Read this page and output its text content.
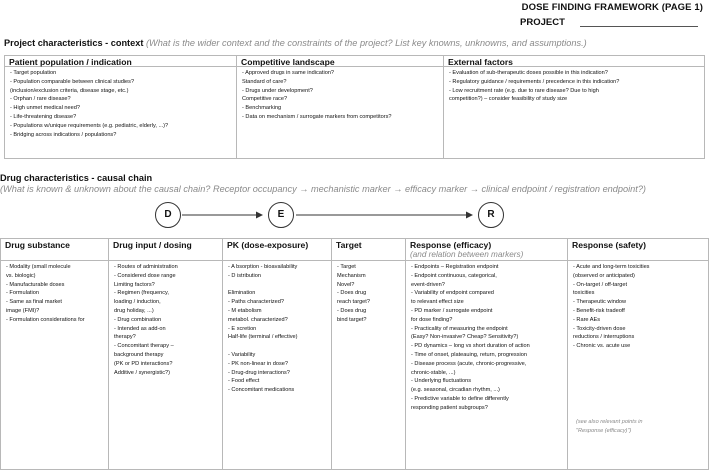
DOSE FINDING FRAMEWORK (PAGE 1)
PROJECT
Project characteristics - context (What is the wider context and the constraints of the project? List key knowns, unknowns, and assumptions.)
Patient population / indication
- Target population
- Population comparable between clinical studies?
(inclusion/exclusion criteria, disease stage, etc.)
- Orphan / rare disease?
- High unmet medical need?
- Life-threatening disease?
- Populations w/unique requirements (e.g. pediatric, elderly, ...)?
- Bridging across indications / populations?
Competitive landscape
- Approved drugs in same indication?
Standard of care?
- Drugs under development?
Competitive race?
- Benchmarking
- Data on mechanism / surrogate markers from competitors?
External factors
- Evaluation of sub-therapeutic doses possible in this indication?
- Regulatory guidance / requirements / precedence in this indication?
- Low recruitment rate (e.g. due to rare disease? Due to high
competition?) – consider feasibility of study size
Drug characteristics - causal chain
(What is known & unknown about the causal chain? Receptor occupancy → mechanistic marker → efficacy marker → clinical endpoint / registration endpoint?)
D	E	R
Drug substance
- Modality (small molecule
vs. biologic)
- Manufacturable doses
- Formulation
- Same as final market
image (FMI)?
- Formulation considerations for
Drug input / dosing
- Routes of administration
- Considered dose range
Limiting factors?
- Regimen (frequency,
loading / induction,
drug holiday, ...)
- Drug combination
- Intended as add-on
therapy?
- Concomitant therapy –
background therapy
(PK or PD interactions?
Additive / synergistic?)
PK (dose-exposure)
- A bsorption - bioavailability
- D istribution

Elimination
- Paths characterized?
- M etabolism
metabol. characterized?
- E xcretion
Half-life (terminal / effective)

- Variability
- PK non-linear in dose?
- Drug-drug interactions?
- Food effect
- Concomitant medications
Target
- Target
Mechanism
Novel?
- Does drug
reach target?
- Does drug
bind target?
Response (efficacy)
(and relation between markers)
- Endpoints – Registration endpoint
- Endpoint continuous, categorical,
event-driven?
- Variability of endpoint compared
to relevant effect size
- PD marker / surrogate endpoint
for dose finding?
- Practicality of measuring the endpoint
(Easy? Non-invasive? Cheap? Sensitivity?)
- PD dynamics – long vs short duration of action
- Time of onset, plateauing, return, progression
- Disease process (acute, chronic-progressive,
chronic-stable, ...)
- Underlying fluctuations
(e.g. seasonal, circadian rhythm, ...)
- Predictive variable to define differently
responding patient subgroups?
Response (safety)
- Acute and long-term toxicities
(observed or anticipated)
- On-target / off-target
toxicities
- Therapeutic window
- Benefit-risk tradeoff
- Rare AEs
- Toxicity-driven dose
reductions / interruptions
- Chronic vs. acute use
(see also relevant points in
"Response (efficacy)")
